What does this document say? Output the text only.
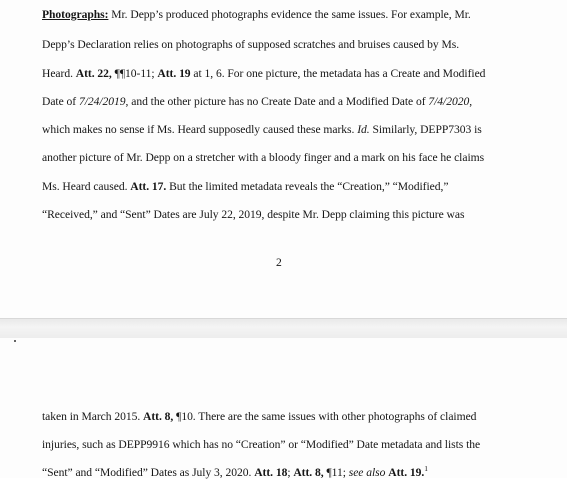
Photographs: Mr. Depp’s produced photographs evidence the same issues. For example, Mr.
Depp’s Declaration relies on photographs of supposed scratches and bruises caused by Ms.
Heard. Att. 22, ¶¶10-11; Att. 19 at 1, 6. For one picture, the metadata has a Create and Modified
Date of 7/24/2019, and the other picture has no Create Date and a Modified Date of 7/4/2020,
which makes no sense if Ms. Heard supposedly caused these marks. Id. Similarly, DEPP7303 is
another picture of Mr. Depp on a stretcher with a bloody finger and a mark on his face he claims
Ms. Heard caused. Att. 17. But the limited metadata reveals the “Creation,” “Modified,”
“Received,” and “Sent” Dates are July 22, 2019, despite Mr. Depp claiming this picture was
2
taken in March 2015. Att. 8, ¶10. There are the same issues with other photographs of claimed
injuries, such as DEPP9916 which has no “Creation” or “Modified” Date metadata and lists the
“Sent” and “Modified” Dates as July 3, 2020. Att. 18; Att. 8, ¶11; see also Att. 19.$^1$
